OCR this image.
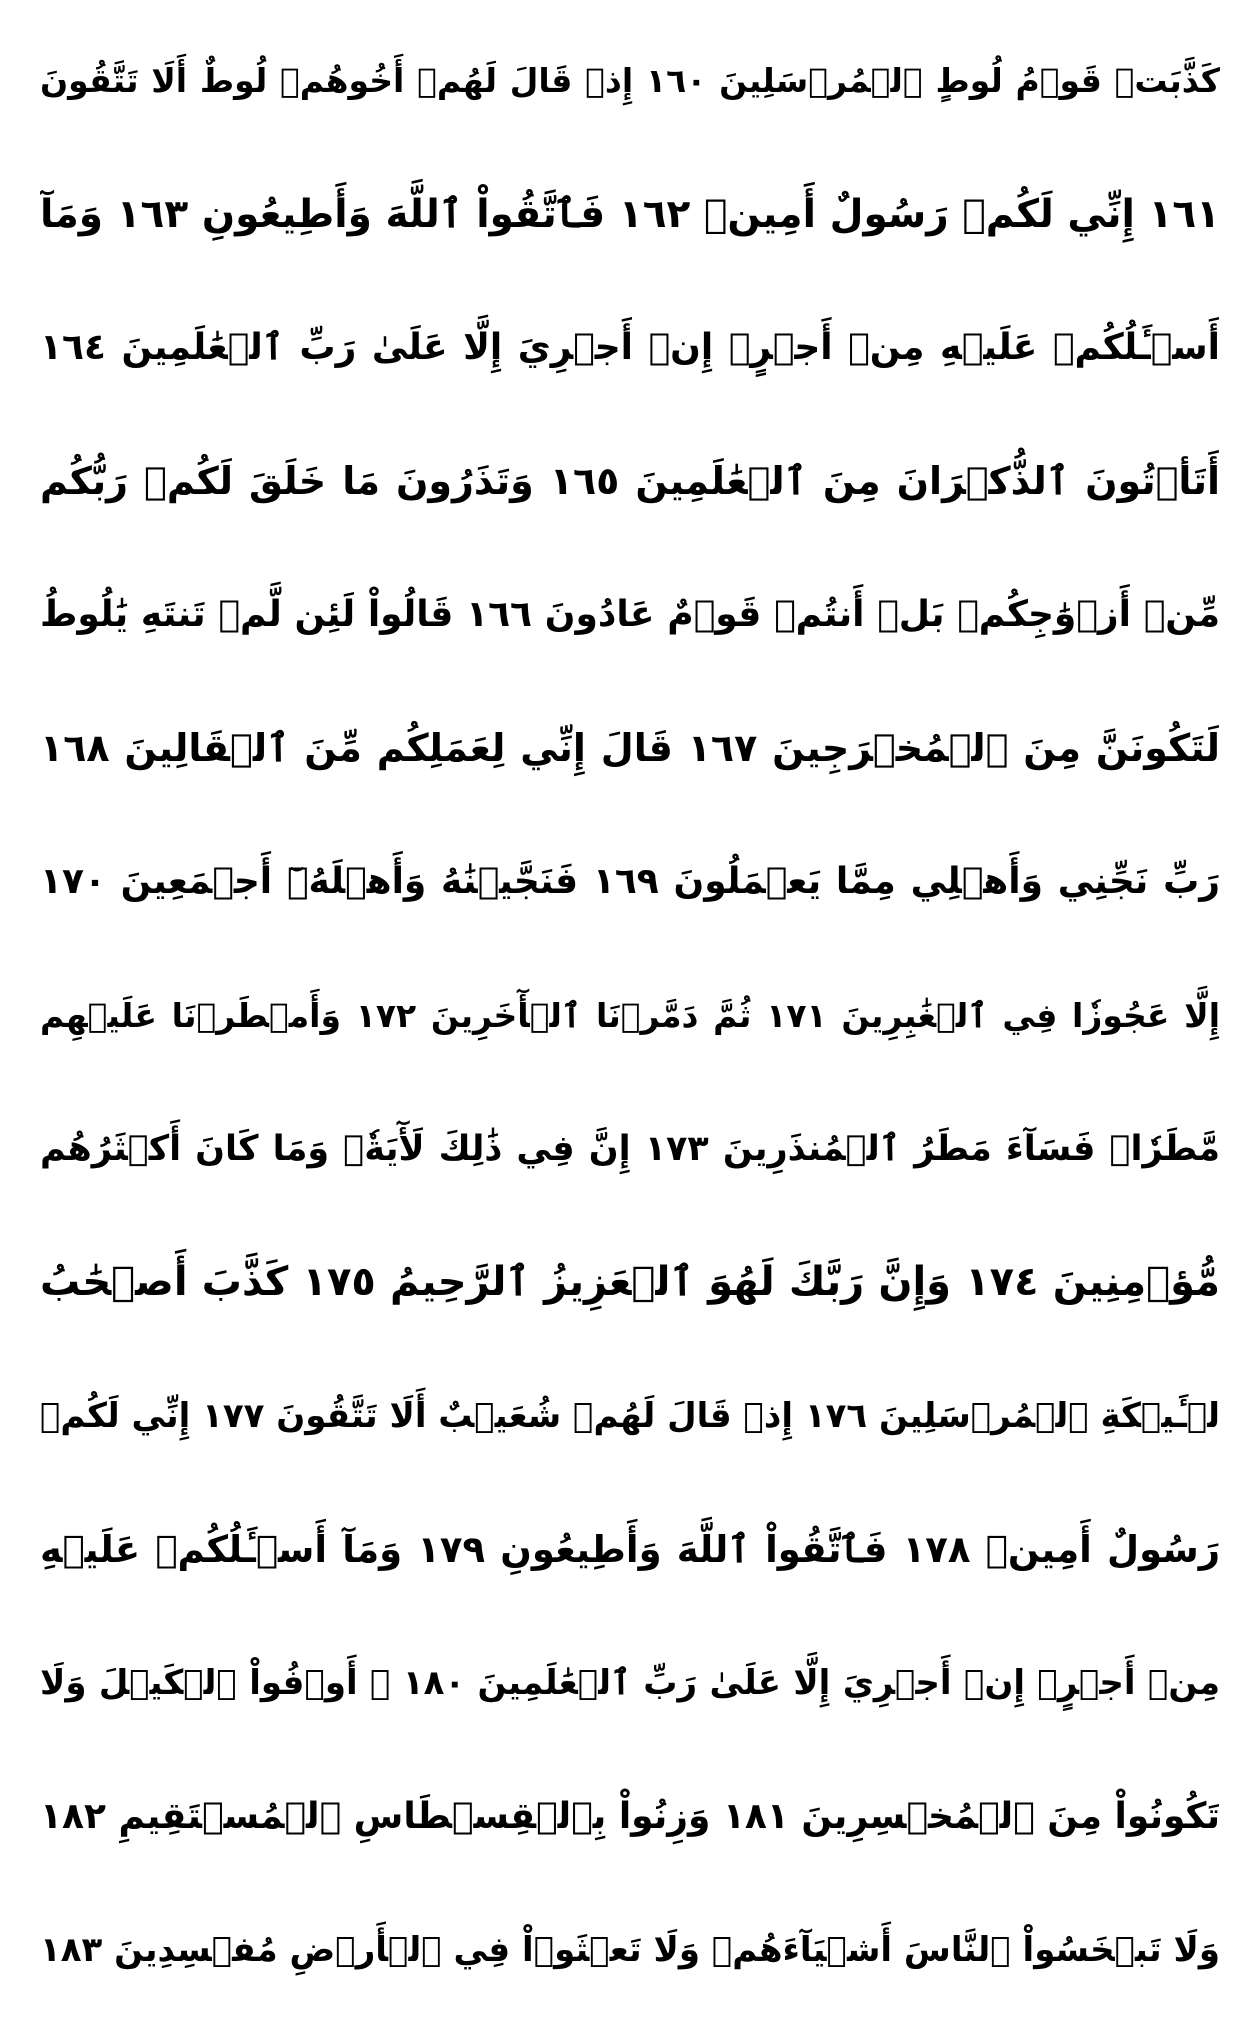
كَذَّبَتۡ قَوۡمُ لُوطٍ ٱلۡمُرۡسَلِينَ ١٦٠ إِذۡ قَالَ لَهُمۡ أَخُوهُمۡ لُوطٌ أَلَا تَتَّقُونَ
١٦١ إِنِّي لَكُمۡ رَسُولٌ أَمِينٞ ١٦٢ فَٱتَّقُواْ ٱللَّهَ وَأَطِيعُونِ ١٦٣ وَمَآ
أَسۡـَٔلُكُمۡ عَلَيۡهِ مِنۡ أَجۡرٍۖ إِنۡ أَجۡرِيَ إِلَّا عَلَىٰ رَبِّ ٱلۡعَٰلَمِينَ ١٦٤
أَتَأۡتُونَ ٱلذُّكۡرَانَ مِنَ ٱلۡعَٰلَمِينَ ١٦٥ وَتَذَرُونَ مَا خَلَقَ لَكُمۡ رَبُّكُم
مِّنۡ أَزۡوَٰجِكُمۚ بَلۡ أَنتُمۡ قَوۡمٌ عَادُونَ ١٦٦ قَالُواْ لَئِن لَّمۡ تَنتَهِ يَٰلُوطُ
لَتَكُونَنَّ مِنَ ٱلۡمُخۡرَجِينَ ١٦٧ قَالَ إِنِّي لِعَمَلِكُم مِّنَ ٱلۡقَالِينَ ١٦٨
رَبِّ نَجِّنِي وَأَهۡلِي مِمَّا يَعۡمَلُونَ ١٦٩ فَنَجَّيۡنَٰهُ وَأَهۡلَهُۥٓ أَجۡمَعِينَ ١٧٠
إِلَّا عَجُوزٗا فِي ٱلۡغَٰبِرِينَ ١٧١ ثُمَّ دَمَّرۡنَا ٱلۡأٓخَرِينَ ١٧٢ وَأَمۡطَرۡنَا عَلَيۡهِم
مَّطَرٗاۖ فَسَآءَ مَطَرُ ٱلۡمُنذَرِينَ ١٧٣ إِنَّ فِي ذَٰلِكَ لَأٓيَةٗۖ وَمَا كَانَ أَكۡثَرُهُم
مُّؤۡمِنِينَ ١٧٤ وَإِنَّ رَبَّكَ لَهُوَ ٱلۡعَزِيزُ ٱلرَّحِيمُ ١٧٥ كَذَّبَ أَصۡحَٰبُ
لۡـَٔيۡكَةِ ٱلۡمُرۡسَلِينَ ١٧٦ إِذۡ قَالَ لَهُمۡ شُعَيۡبٌ أَلَا تَتَّقُونَ ١٧٧ إِنِّي لَكُمۡ
رَسُولٌ أَمِينٞ ١٧٨ فَٱتَّقُواْ ٱللَّهَ وَأَطِيعُونِ ١٧٩ وَمَآ أَسۡـَٔلُكُمۡ عَلَيۡهِ
مِنۡ أَجۡرٍۖ إِنۡ أَجۡرِيَ إِلَّا عَلَىٰ رَبِّ ٱلۡعَٰلَمِينَ ١٨٠ ۞ أَوۡفُواْ ٱلۡكَيۡلَ وَلَا
تَكُونُواْ مِنَ ٱلۡمُخۡسِرِينَ ١٨١ وَزِنُواْ بِٱلۡقِسۡطَاسِ ٱلۡمُسۡتَقِيمِ ١٨٢
وَلَا تَبۡخَسُواْ ٱلنَّاسَ أَشۡيَآءَهُمۡ وَلَا تَعۡثَوۡاْ فِي ٱلۡأَرۡضِ مُفۡسِدِينَ ١٨٣
